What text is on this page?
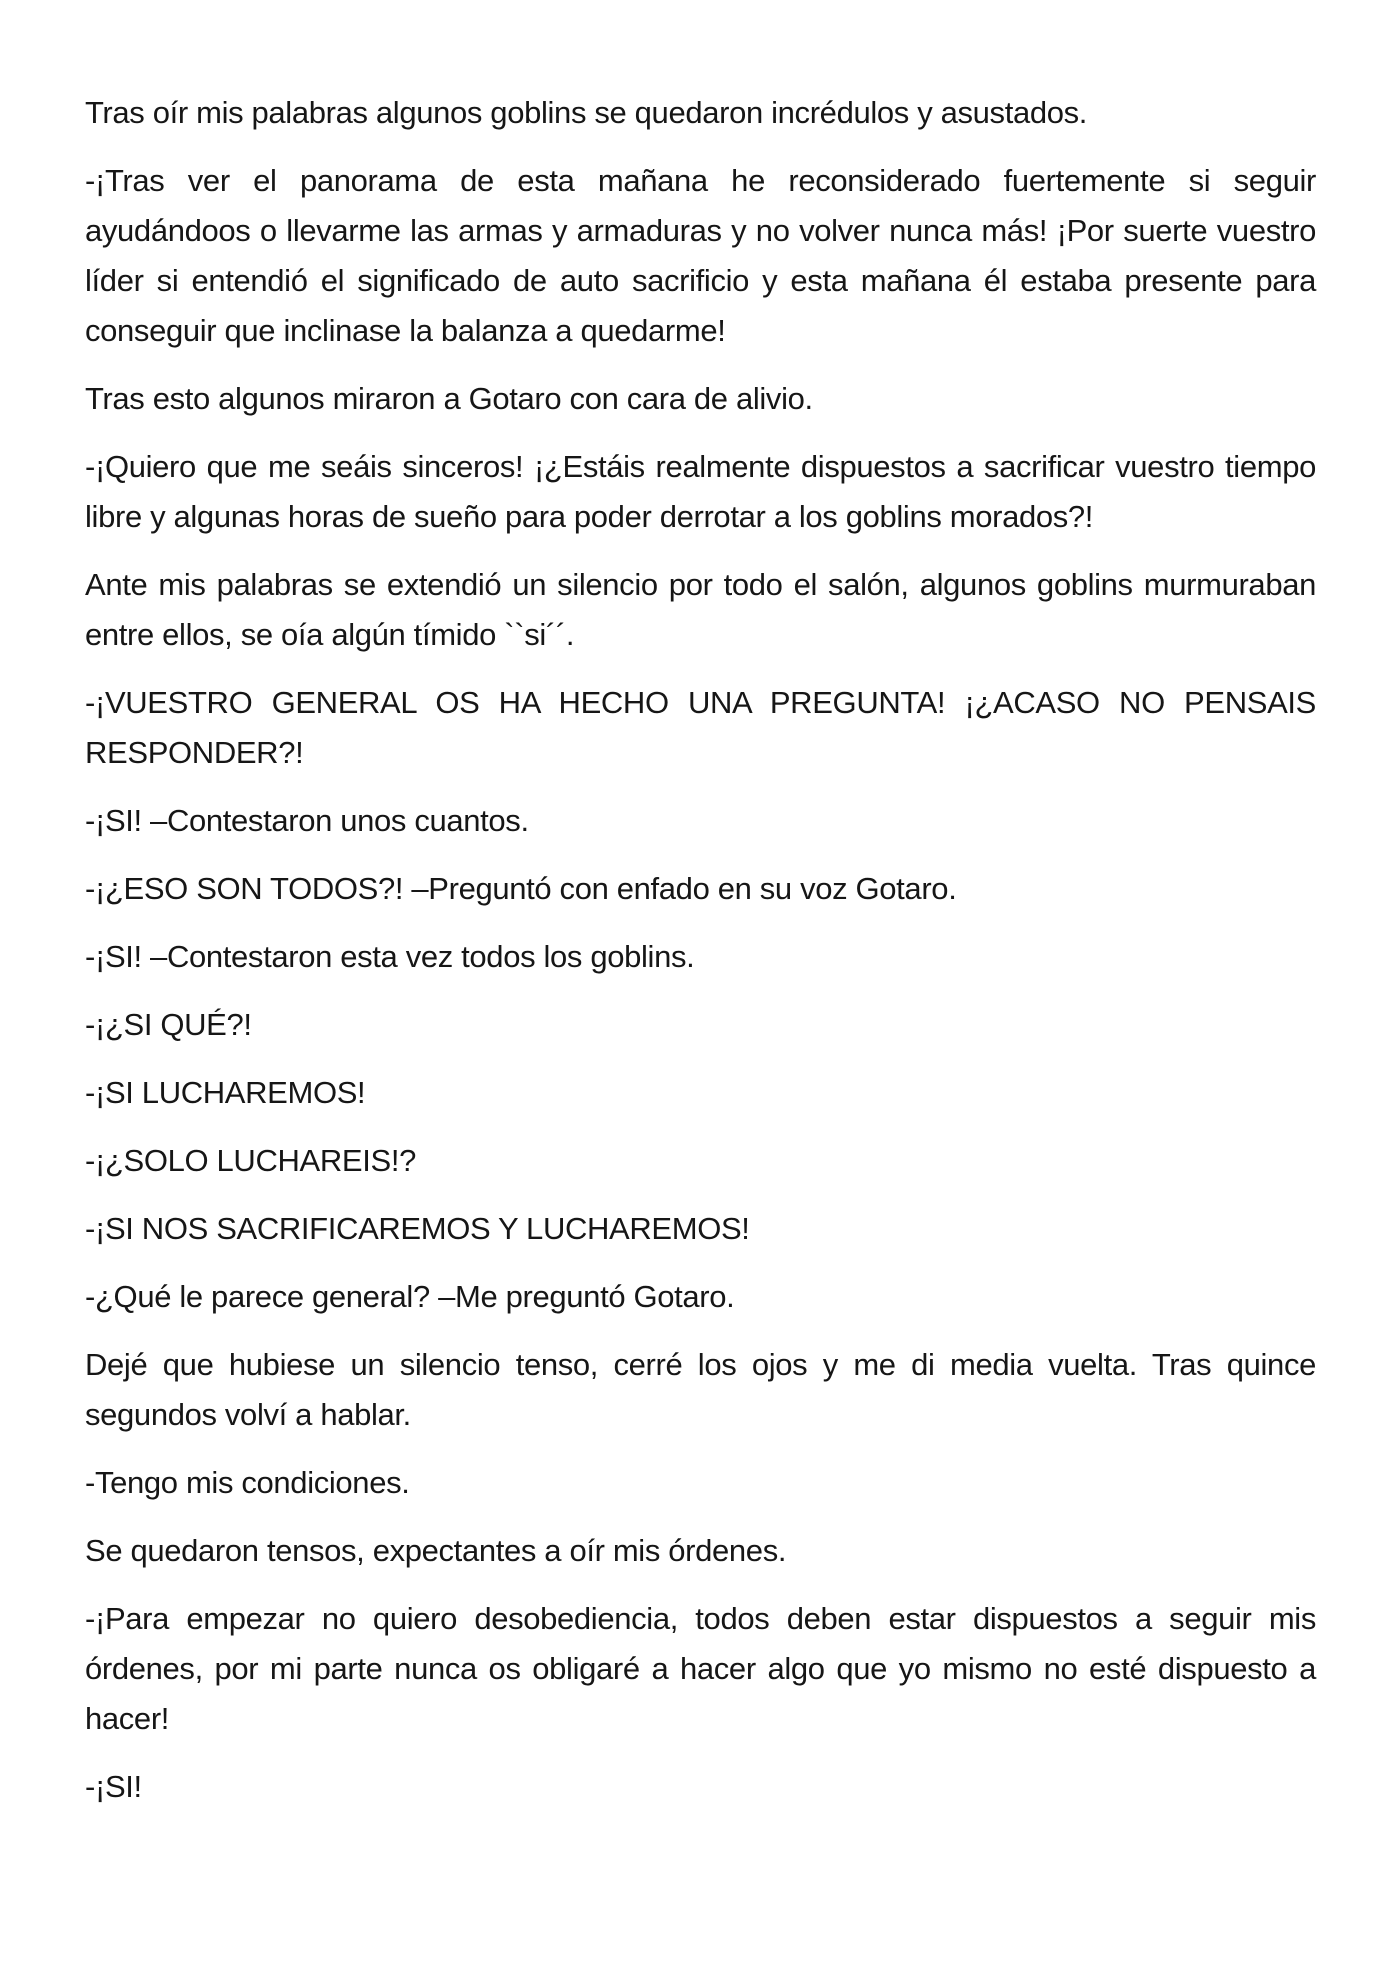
Tras oír mis palabras algunos goblins se quedaron incrédulos y asustados.

-¡Tras ver el panorama de esta mañana he reconsiderado fuertemente si seguir ayudándoos o llevarme las armas y armaduras y no volver nunca más! ¡Por suerte vuestro líder si entendió el significado de auto sacrificio y esta mañana él estaba presente para conseguir que inclinase la balanza a quedarme!

Tras esto algunos miraron a Gotaro con cara de alivio.

-¡Quiero que me seáis sinceros! ¡¿Estáis realmente dispuestos a sacrificar vuestro tiempo libre y algunas horas de sueño para poder derrotar a los goblins morados?!

Ante mis palabras se extendió un silencio por todo el salón, algunos goblins murmuraban entre ellos, se oía algún tímido ``si´´.

-¡VUESTRO GENERAL OS HA HECHO UNA PREGUNTA! ¡¿ACASO NO PENSAIS RESPONDER?!

-¡SI! –Contestaron unos cuantos.

-¡¿ESO SON TODOS?! –Preguntó con enfado en su voz Gotaro.

-¡SI! –Contestaron esta vez todos los goblins.

-¡¿SI QUÉ?!

-¡SI LUCHAREMOS!

-¡¿SOLO LUCHAREIS!?

-¡SI NOS SACRIFICAREMOS Y LUCHAREMOS!

-¿Qué le parece general? –Me preguntó Gotaro.

Dejé que hubiese un silencio tenso, cerré los ojos y me di media vuelta. Tras quince segundos volví a hablar.

-Tengo mis condiciones.

Se quedaron tensos, expectantes a oír mis órdenes.

-¡Para empezar no quiero desobediencia, todos deben estar dispuestos a seguir mis órdenes, por mi parte nunca os obligaré a hacer algo que yo mismo no esté dispuesto a hacer!

-¡SI!
